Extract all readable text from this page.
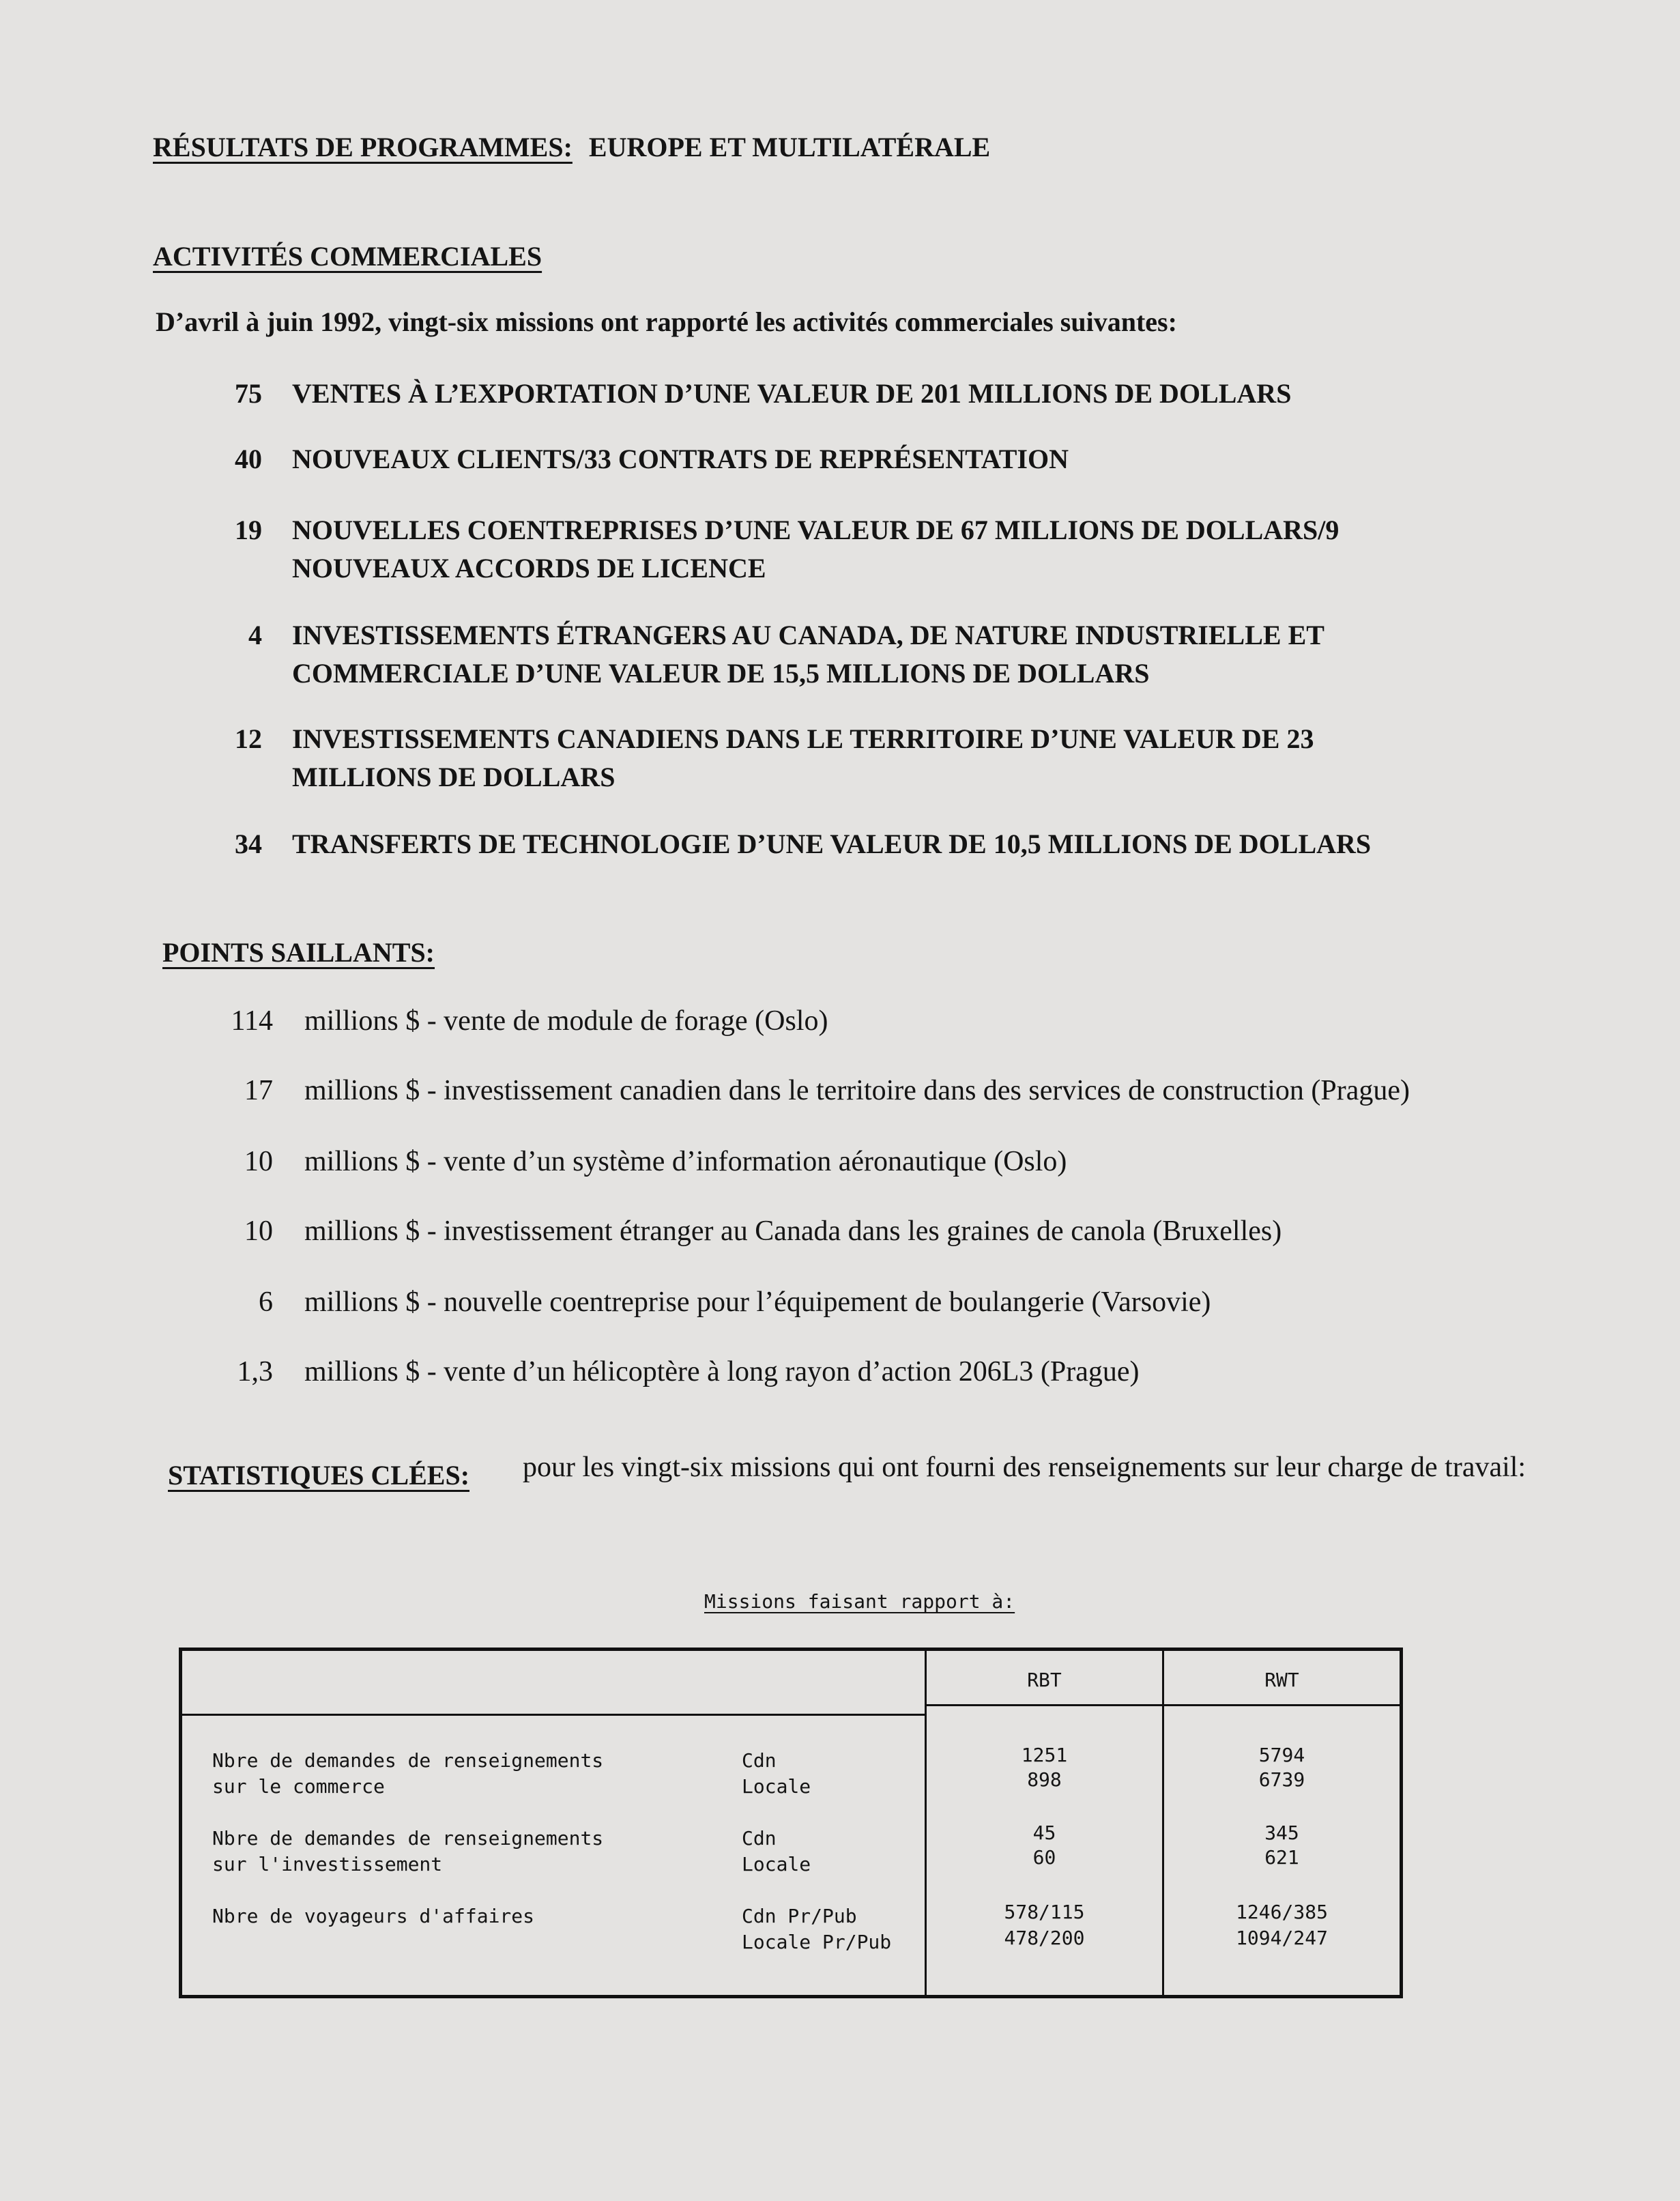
RÉSULTATS DE PROGRAMMES: EUROPE ET MULTILATÉRALE
ACTIVITÉS COMMERCIALES
D’avril à juin 1992, vingt-six missions ont rapporté les activités commerciales suivantes:
75 VENTES À L’EXPORTATION D’UNE VALEUR DE 201 MILLIONS DE DOLLARS
40 NOUVEAUX CLIENTS/33 CONTRATS DE REPRÉSENTATION
19 NOUVELLES COENTREPRISES D’UNE VALEUR DE 67 MILLIONS DE DOLLARS/9
NOUVEAUX ACCORDS DE LICENCE
4 INVESTISSEMENTS ÉTRANGERS AU CANADA, DE NATURE INDUSTRIELLE ET
COMMERCIALE D’UNE VALEUR DE 15,5 MILLIONS DE DOLLARS
12 INVESTISSEMENTS CANADIENS DANS LE TERRITOIRE D’UNE VALEUR DE 23
MILLIONS DE DOLLARS
34 TRANSFERTS DE TECHNOLOGIE D’UNE VALEUR DE 10,5 MILLIONS DE DOLLARS
POINTS SAILLANTS:
114 millions $ - vente de module de forage (Oslo)
17 millions $ - investissement canadien dans le territoire dans des services de construction (Prague)
10 millions $ - vente d’un système d’information aéronautique (Oslo)
10 millions $ - investissement étranger au Canada dans les graines de canola (Bruxelles)
6 millions $ - nouvelle coentreprise pour l’équipement de boulangerie (Varsovie)
1,3 millions $ - vente d’un hélicoptère à long rayon d’action 206L3 (Prague)
STATISTIQUES CLÉES: pour les vingt-six missions qui ont fourni des renseignements sur leur charge de travail:
Missions faisant rapport à:
RBT	RWT
Nbre de demandes de renseignements
sur le commerce
Cdn
Locale
1251
898
5794
6739
Nbre de demandes de renseignements
sur l'investissement
Cdn
Locale
45
60
345
621
Nbre de voyageurs d'affaires	Cdn Pr/Pub
Locale Pr/Pub
578/115
478/200
1246/385
1094/247
